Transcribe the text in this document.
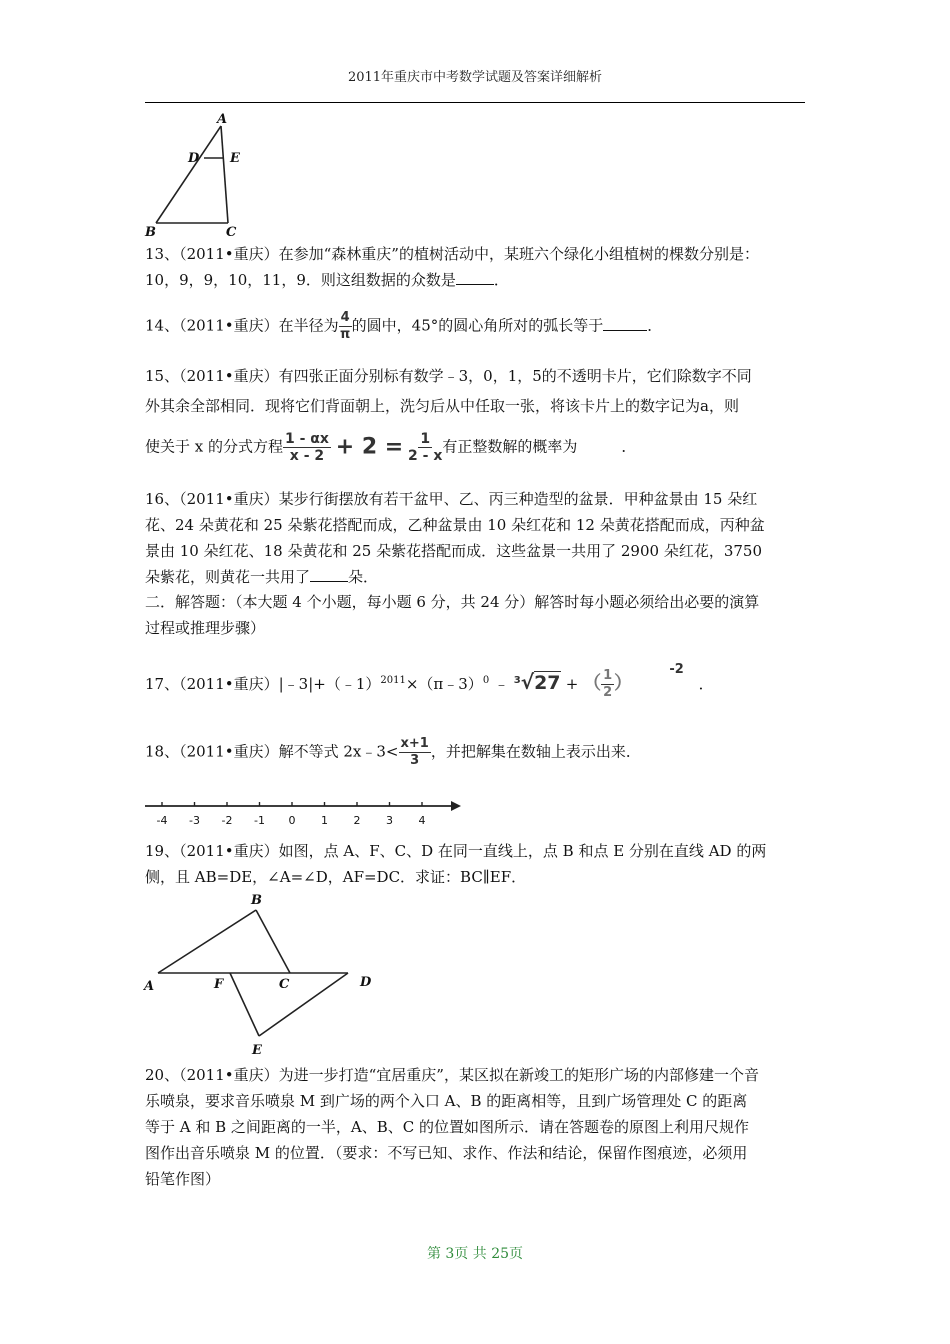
2011年重庆市中考数学试题及答案详细解析
A
D E
B	C
13、（2011•重庆）在参加“森林重庆”的植树活动中，某班六个绿化小组植树的棵数分别是：
10，9，9，10，11，9．则这组数据的众数是	．
14、（2011•重庆）在半径为 $\frac{4}{\pi}$ 的圆中，45°的圆心角所对的弧长等于	．
15、（2011•重庆）有四张正面分别标有数学﹣3，0，1，5的不透明卡片，它们除数字不同
外其余全部相同．现将它们背面朝上，洗匀后从中任取一张，将该卡片上的数字记为a，则
使关于 x 的分式方程 $\frac{1 - \alpha x}{x - 2} + 2 = \frac{1}{2 - x}$ 有正整数解的概率为	．
16、（2011•重庆）某步行街摆放有若干盆甲、乙、丙三种造型的盆景．甲种盆景由 15 朵红
花、24 朵黄花和 25 朵紫花搭配而成，乙种盆景由 10 朵红花和 12 朵黄花搭配而成，丙种盆
景由 10 朵红花、18 朵黄花和 25 朵紫花搭配而成．这些盆景一共用了 2900 朵红花，3750
朵紫花，则黄花一共用了	朵．
二．解答题：（本大题 4 个小题，每小题 6 分，共 24 分）解答时每小题必须给出必要的演算
过程或推理步骤）
17、（2011•重庆）|﹣3|+（﹣1）$^{2011}$×（π﹣3）$^0$ ﹣ $^3$√27 + （ $\frac{1}{2}$ ） -2 ．
18、（2011•重庆）解不等式 2x﹣3< $\frac{x+1}{3}$ ，并把解集在数轴上表示出来．
-4 -3 -2 -1 0 1 2 3 4
19、（2011•重庆）如图，点 A、F、C、D 在同一直线上，点 B 和点 E 分别在直线 AD 的两
侧，且 AB=DE，∠A=∠D，AF=DC．求证：BC∥EF．
B
A	F	C	D
E
20、（2011•重庆）为进一步打造“宜居重庆”，某区拟在新竣工的矩形广场的内部修建一个音
乐喷泉，要求音乐喷泉 M 到广场的两个入口 A、B 的距离相等，且到广场管理处 C 的距离
等于 A 和 B 之间距离的一半，A、B、C 的位置如图所示．请在答题卷的原图上利用尺规作
图作出音乐喷泉 M 的位置．（要求：不写已知、求作、作法和结论，保留作图痕迹，必须用
铅笔作图）
第 3页 共 25页
